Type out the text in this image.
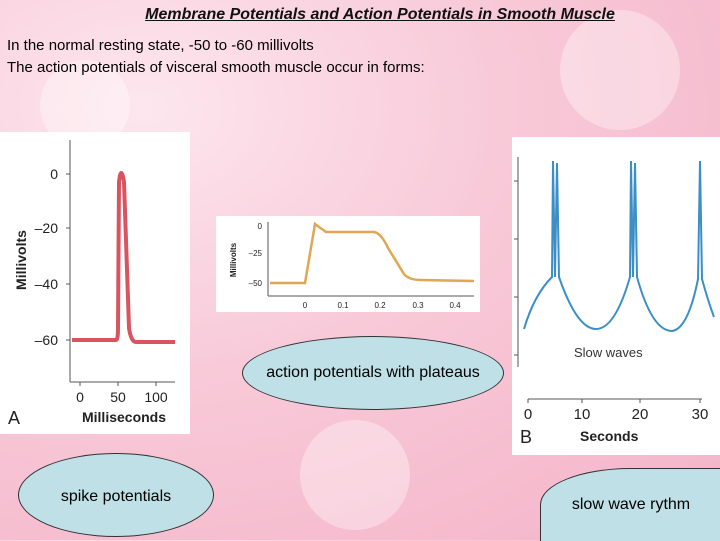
Membrane Potentials and Action Potentials in Smooth Muscle
In the normal resting state, -50 to -60 millivolts
The action potentials of visceral smooth muscle occur in forms:
0
–20
–40
–60
0 50 100
Millivolts
Milliseconds
A
0
–25
–50
0	0.1	0.2	0.3	0.4
Millivolts
0	10	20	30
Seconds
B
Slow waves
action potentials with plateaus
spike potentials	slow wave rythm
